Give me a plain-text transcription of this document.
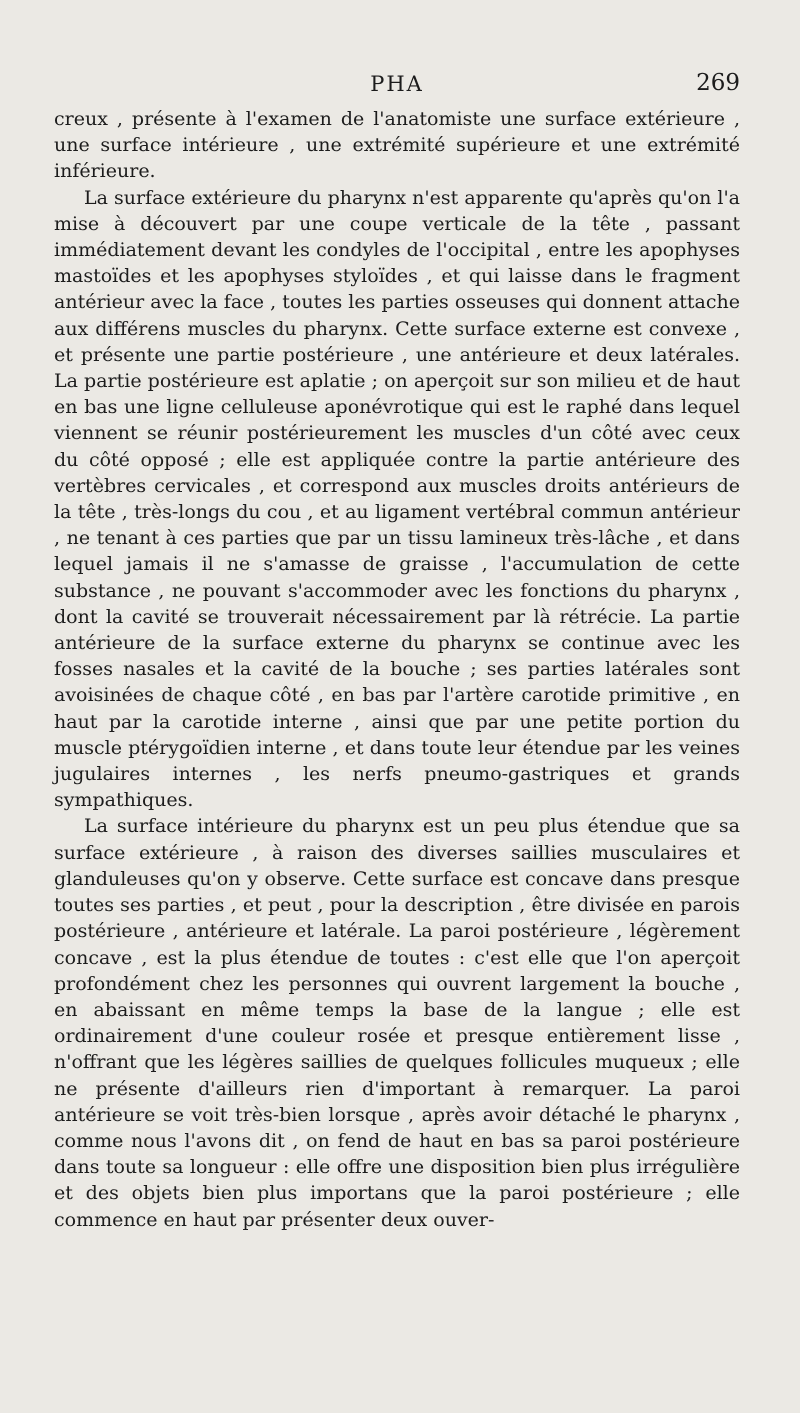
PHA	269

creux , présente à l'examen de l'anatomiste une surface extérieure , une surface intérieure , une extrémité supérieure et une extrémité inférieure.

La surface extérieure du pharynx n'est apparente qu'après qu'on l'a mise à découvert par une coupe verticale de la tête , passant immédiatement devant les condyles de l'occipital , entre les apophyses mastoïdes et les apophyses styloïdes , et qui laisse dans le fragment antérieur avec la face , toutes les parties osseuses qui donnent attache aux différens muscles du pharynx. Cette surface externe est convexe , et présente une partie postérieure , une antérieure et deux latérales. La partie postérieure est aplatie ; on aperçoit sur son milieu et de haut en bas une ligne celluleuse aponévrotique qui est le raphé dans lequel viennent se réunir postérieurement les muscles d'un côté avec ceux du côté opposé ; elle est appliquée contre la partie antérieure des vertèbres cervicales , et correspond aux muscles droits antérieurs de la tête , très-longs du cou , et au ligament vertébral commun antérieur , ne tenant à ces parties que par un tissu lamineux très-lâche , et dans lequel jamais il ne s'amasse de graisse , l'accumulation de cette substance , ne pouvant s'accommoder avec les fonctions du pharynx , dont la cavité se trouverait nécessairement par là rétrécie. La partie antérieure de la surface externe du pharynx se continue avec les fosses nasales et la cavité de la bouche ; ses parties latérales sont avoisinées de chaque côté , en bas par l'artère carotide primitive , en haut par la carotide interne , ainsi que par une petite portion du muscle ptérygoïdien interne , et dans toute leur étendue par les veines jugulaires internes , les nerfs pneumo-gastriques et grands sympathiques.

La surface intérieure du pharynx est un peu plus étendue que sa surface extérieure , à raison des diverses saillies musculaires et glanduleuses qu'on y observe. Cette surface est concave dans presque toutes ses parties , et peut , pour la description , être divisée en parois postérieure , antérieure et latérale. La paroi postérieure , légèrement concave , est la plus étendue de toutes : c'est elle que l'on aperçoit profondément chez les personnes qui ouvrent largement la bouche , en abaissant en même temps la base de la langue ; elle est ordinairement d'une couleur rosée et presque entièrement lisse , n'offrant que les légères saillies de quelques follicules muqueux ; elle ne présente d'ailleurs rien d'important à remarquer. La paroi antérieure se voit très-bien lorsque , après avoir détaché le pharynx , comme nous l'avons dit , on fend de haut en bas sa paroi postérieure dans toute sa longueur : elle offre une disposition bien plus irrégulière et des objets bien plus importans que la paroi postérieure ; elle commence en haut par présenter deux ouver-
